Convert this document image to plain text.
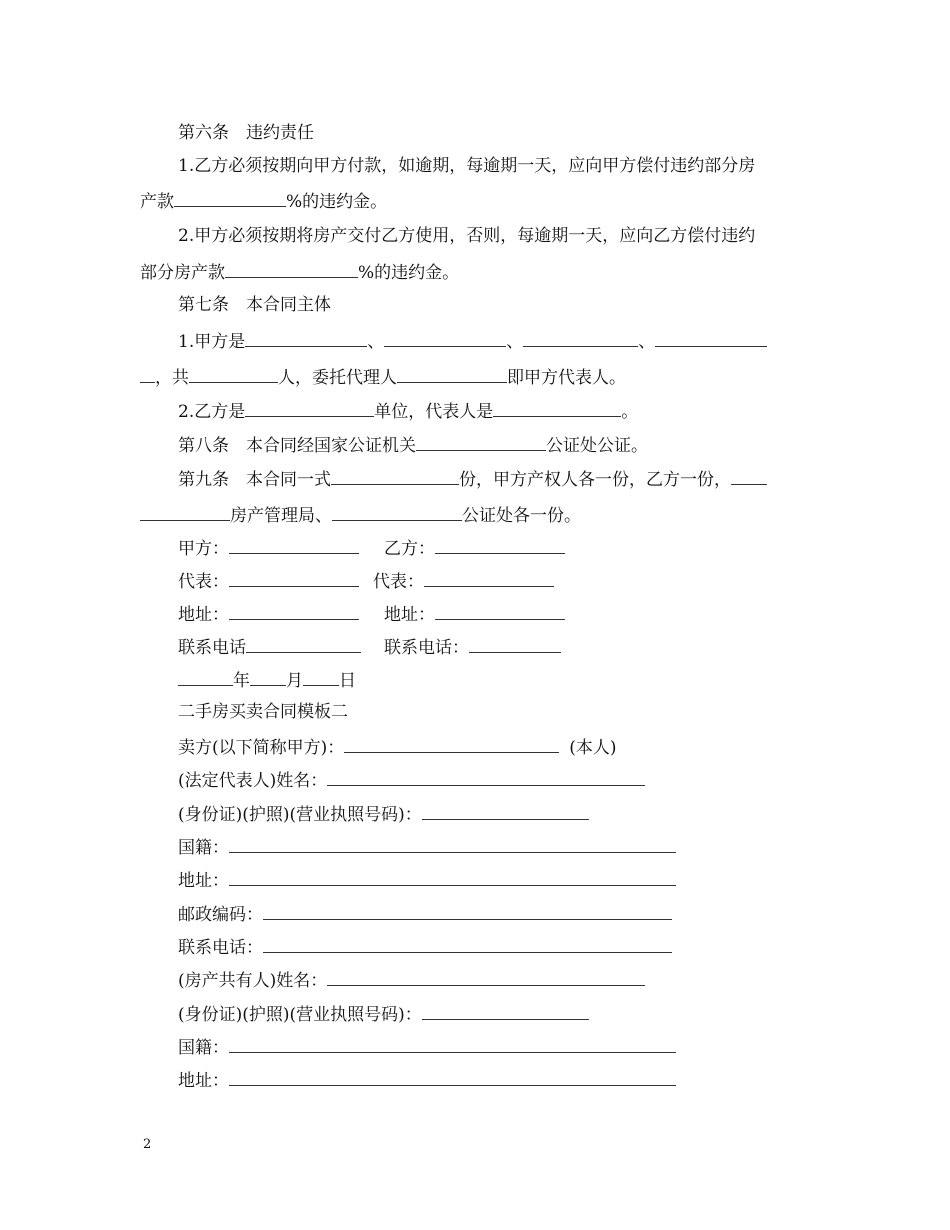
第六条　违约责任
1.乙方必须按期向甲方付款，如逾期，每逾期一天，应向甲方偿付违约部分房
产款	%的违约金。
2.甲方必须按期将房产交付乙方使用，否则，每逾期一天，应向乙方偿付违约
部分房产款	%的违约金。
第七条　本合同主体
1.甲方是	、	、	、
，共	人，委托代理人	即甲方代表人。
2.乙方是	单位，代表人是	。
第八条　本合同经国家公证机关	公证处公证。
第九条　本合同一式	份，甲方产权人各一份，乙方一份，
房产管理局、	公证处各一份。
甲方：	乙方：
代表：	代表：
地址：	地址：
联系电话	联系电话：
年 月 日
二手房买卖合同模板二
卖方(以下简称甲方)：	(本人)
(法定代表人)姓名：
(身份证)(护照)(营业执照号码)：
国籍：
地址：
邮政编码：
联系电话：
(房产共有人)姓名：
(身份证)(护照)(营业执照号码)：
国籍：
地址：
2
